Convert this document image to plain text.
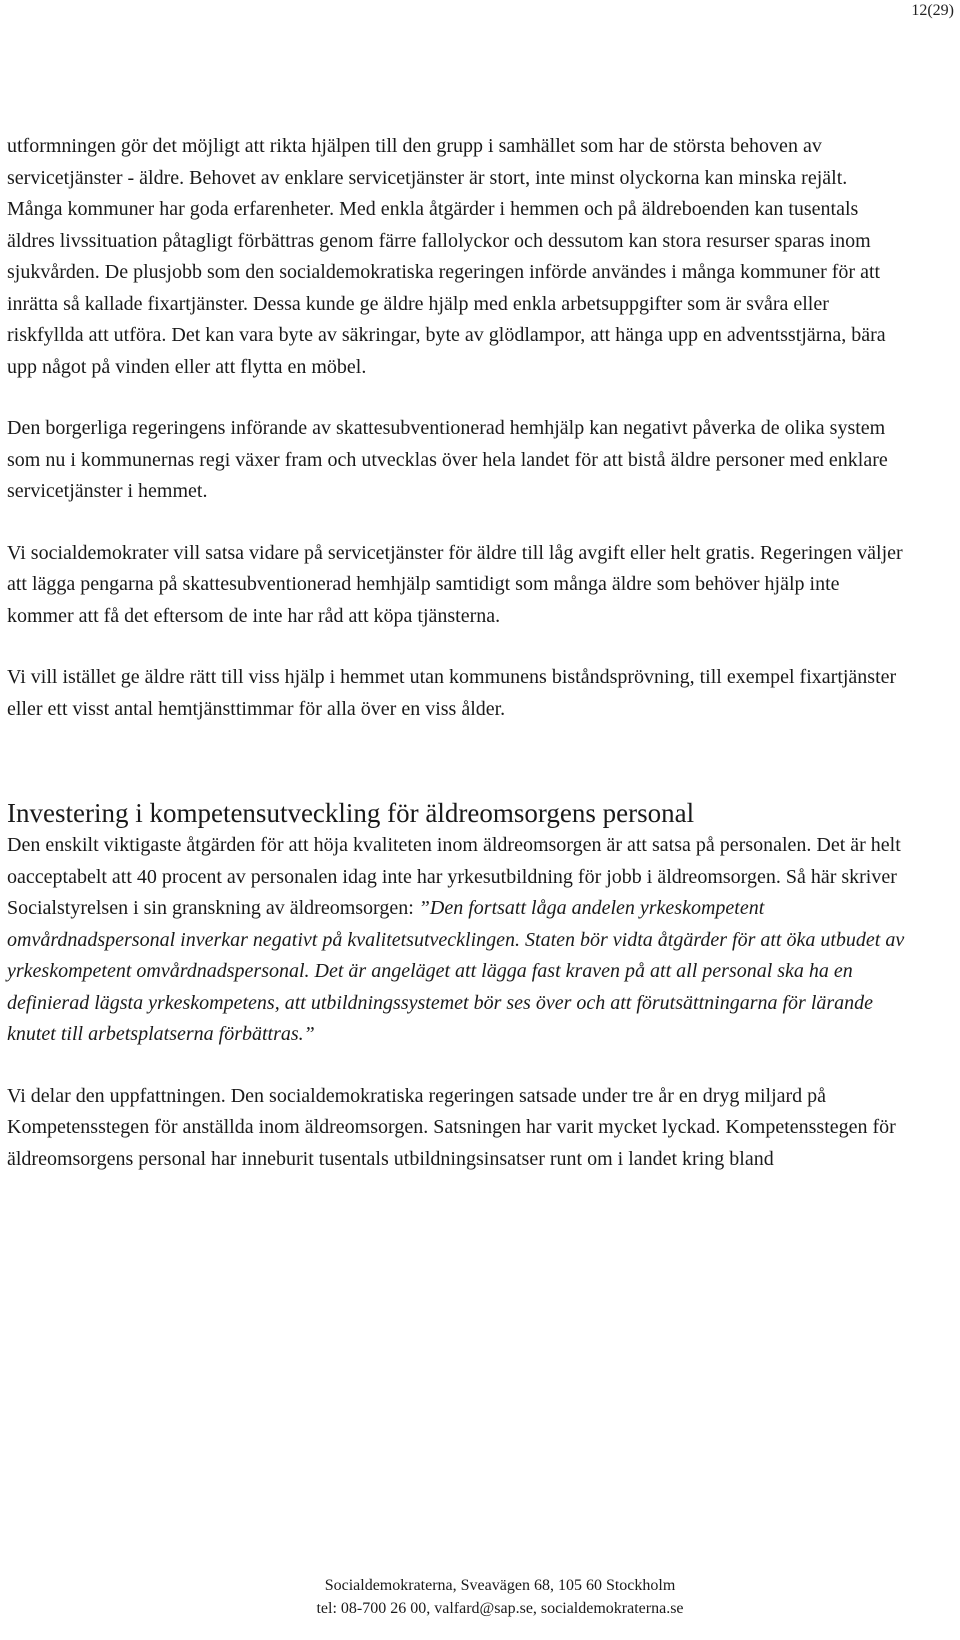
12(29)

utformningen gör det möjligt att rikta hjälpen till den grupp i samhället som har de största behoven av servicetjänster - äldre. Behovet av enklare servicetjänster är stort, inte minst olyckorna kan minska rejält. Många kommuner har goda erfarenheter. Med enkla åtgärder i hemmen och på äldreboenden kan tusentals äldres livssituation påtagligt förbättras genom färre fallolyckor och dessutom kan stora resurser sparas inom sjukvården. De plusjobb som den socialdemokratiska regeringen införde användes i många kommuner för att inrätta så kallade fixartjänster. Dessa kunde ge äldre hjälp med enkla arbetsuppgifter som är svåra eller riskfyllda att utföra. Det kan vara byte av säkringar, byte av glödlampor, att hänga upp en adventsstjärna, bära upp något på vinden eller att flytta en möbel.

Den borgerliga regeringens införande av skattesubventionerad hemhjälp kan negativt påverka de olika system som nu i kommunernas regi växer fram och utvecklas över hela landet för att bistå äldre personer med enklare servicetjänster i hemmet.

Vi socialdemokrater vill satsa vidare på servicetjänster för äldre till låg avgift eller helt gratis. Regeringen väljer att lägga pengarna på skattesubventionerad hemhjälp samtidigt som många äldre som behöver hjälp inte kommer att få det eftersom de inte har råd att köpa tjänsterna.

Vi vill istället ge äldre rätt till viss hjälp i hemmet utan kommunens biståndsprövning, till exempel fixartjänster eller ett visst antal hemtjänsttimmar för alla över en viss ålder.

Investering i kompetensutveckling för äldreomsorgens personal

Den enskilt viktigaste åtgärden för att höja kvaliteten inom äldreomsorgen är att satsa på personalen. Det är helt oacceptabelt att 40 procent av personalen idag inte har yrkesutbildning för jobb i äldreomsorgen. Så här skriver Socialstyrelsen i sin granskning av äldreomsorgen: ”Den fortsatt låga andelen yrkeskompetent omvårdnadspersonal inverkar negativt på kvalitetsutvecklingen. Staten bör vidta åtgärder för att öka utbudet av yrkeskompetent omvårdnadspersonal. Det är angeläget att lägga fast kraven på att all personal ska ha en definierad lägsta yrkeskompetens, att utbildningssystemet bör ses över och att förutsättningarna för lärande knutet till arbetsplatserna förbättras.”

Vi delar den uppfattningen. Den socialdemokratiska regeringen satsade under tre år en dryg miljard på Kompetensstegen för anställda inom äldreomsorgen. Satsningen har varit mycket lyckad. Kompetensstegen för äldreomsorgens personal har inneburit tusentals utbildningsinsatser runt om i landet kring bland

Socialdemokraterna, Sveavägen 68, 105 60 Stockholm
tel: 08-700 26 00, valfard@sap.se, socialdemokraterna.se
